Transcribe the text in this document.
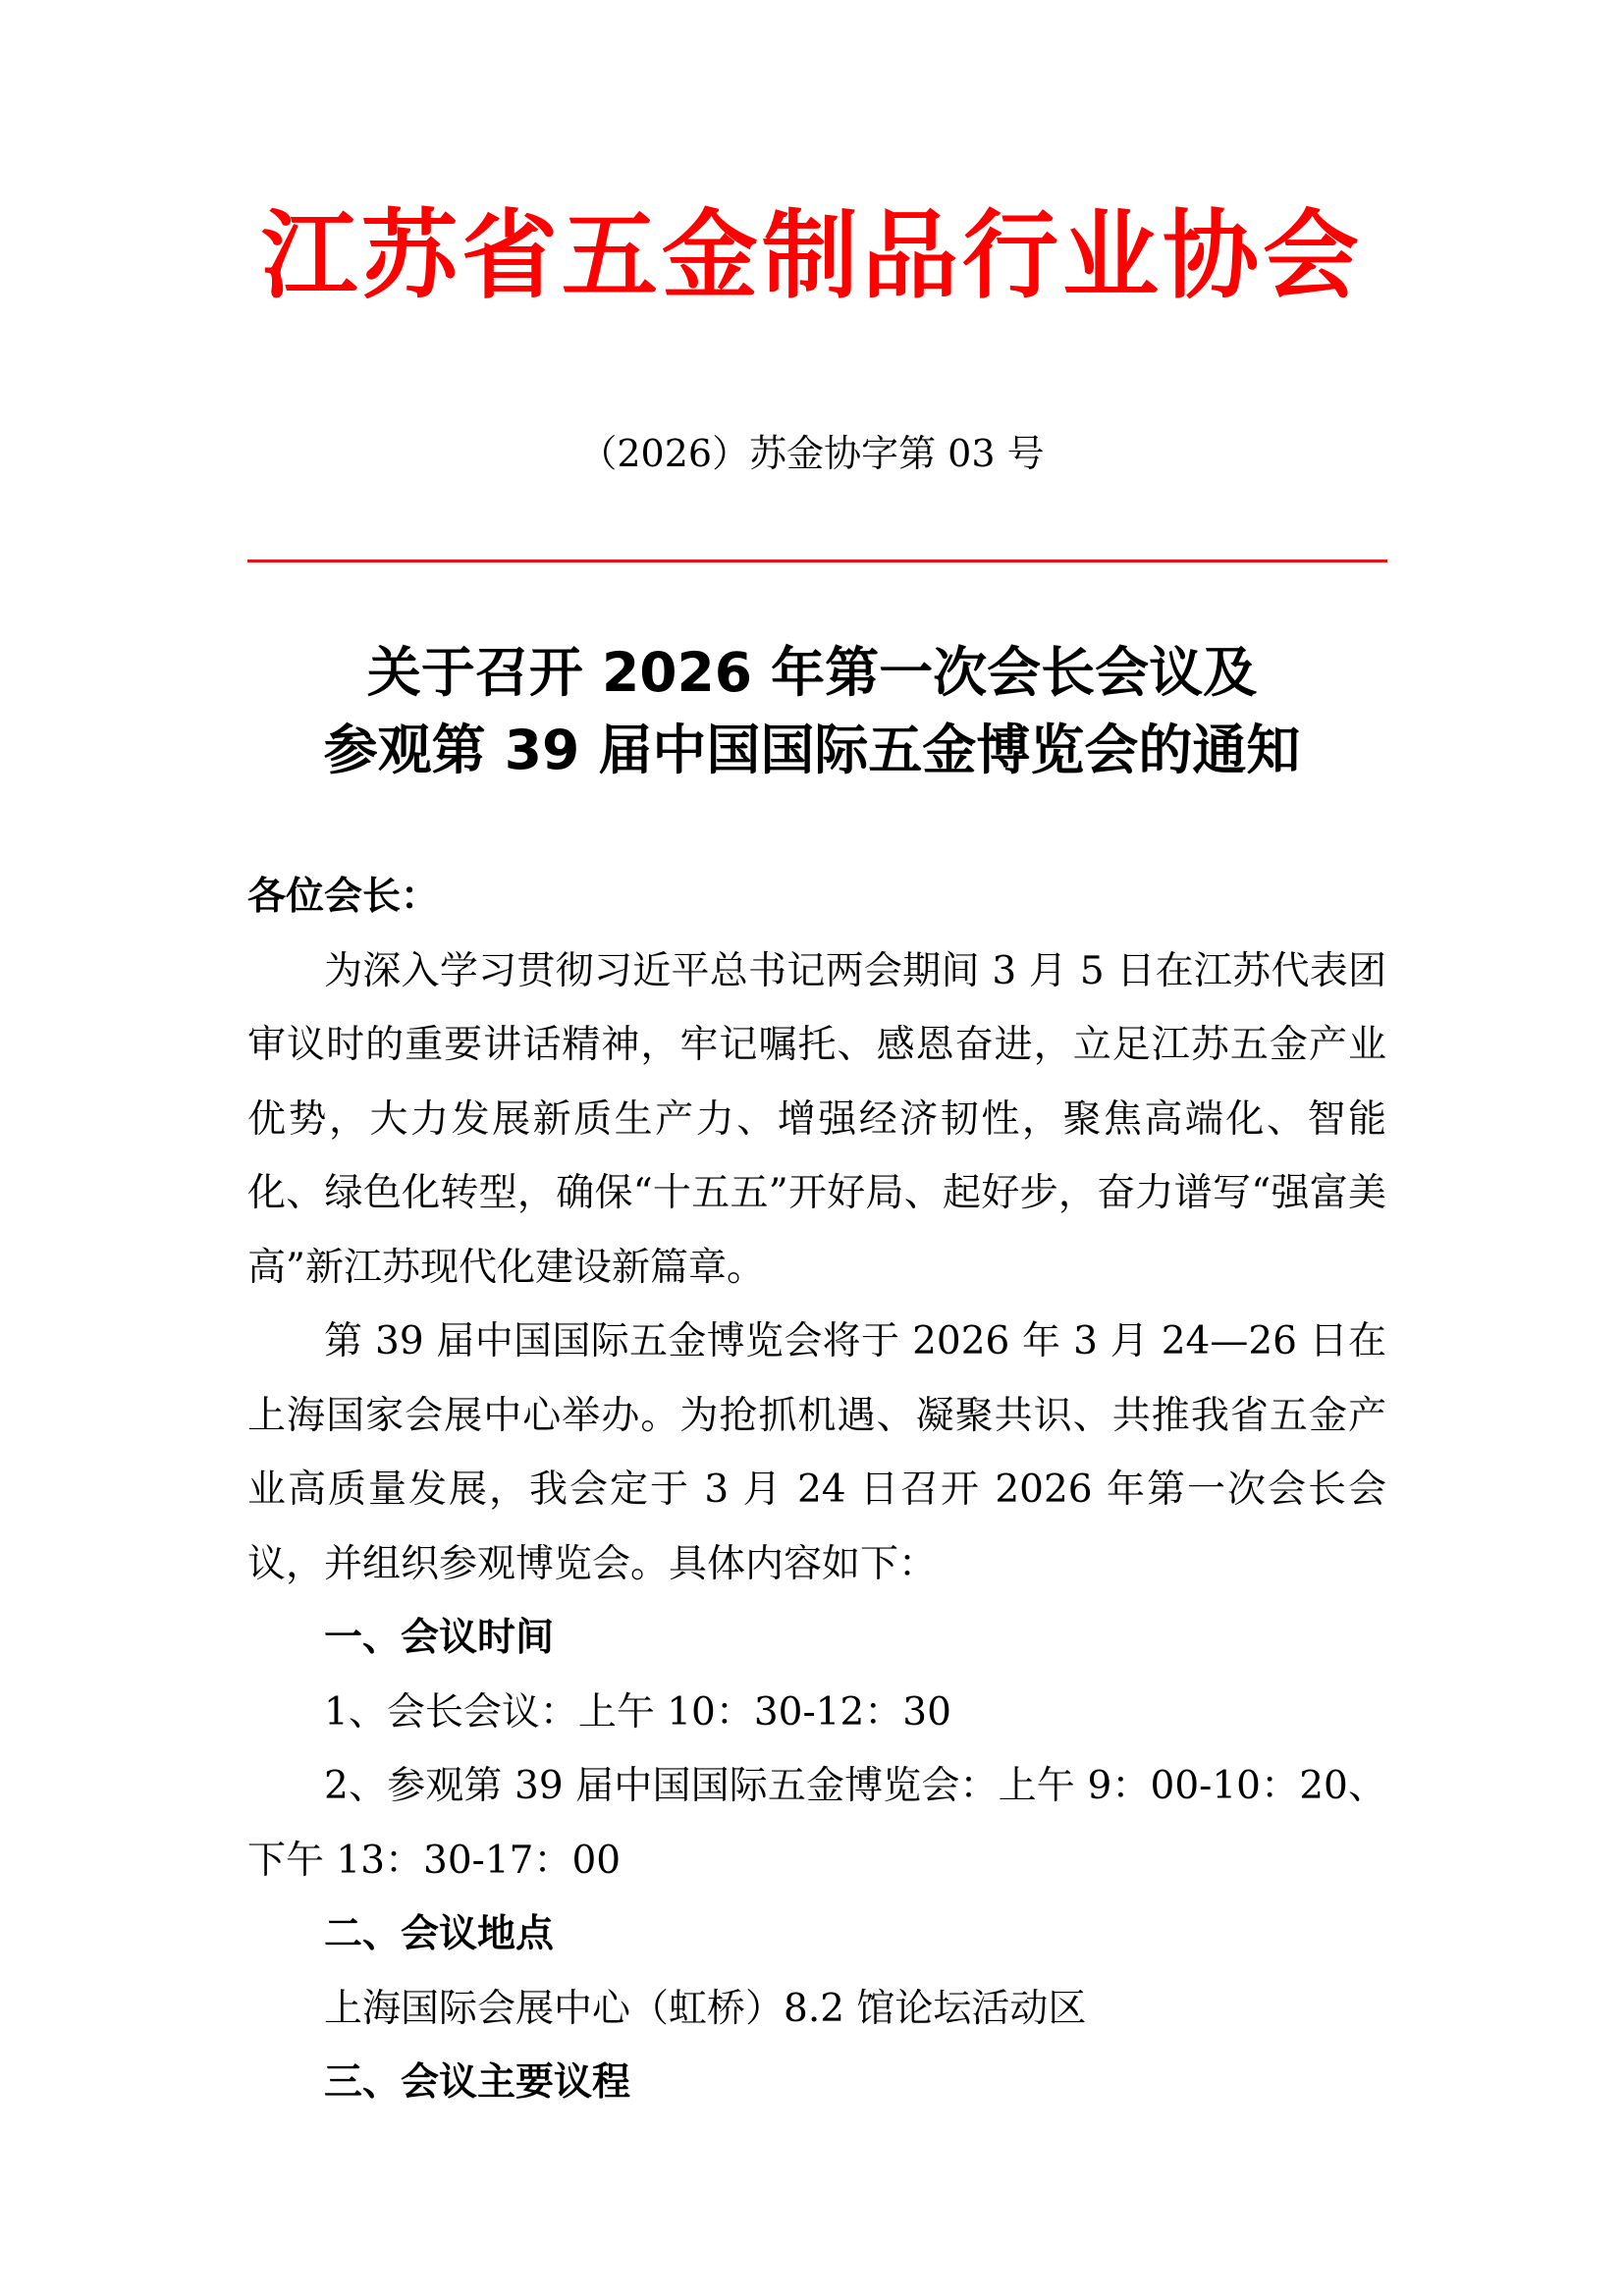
江苏省五金制品行业协会
（2026）苏金协字第 03 号
关于召开 2026 年第一次会长会议及
参观第 39 届中国国际五金博览会的通知

各位会长：

为深入学习贯彻习近平总书记两会期间 3 月 5 日在江苏代表团审议时的重要讲话精神，牢记嘱托、感恩奋进，立足江苏五金产业优势，大力发展新质生产力、增强经济韧性，聚焦高端化、智能化、绿色化转型，确保“十五五”开好局、起好步，奋力谱写“强富美高”新江苏现代化建设新篇章。

第 39 届中国国际五金博览会将于 2026 年 3 月 24—26 日在上海国家会展中心举办。为抢抓机遇、凝聚共识、共推我省五金产业高质量发展，我会定于 3 月 24 日召开 2026 年第一次会长会议，并组织参观博览会。具体内容如下：

一、会议时间

1、会长会议：上午 10：30-12：30

2、参观第 39 届中国国际五金博览会：上午 9：00-10：20、下午 13：30-17：00

二、会议地点

上海国际会展中心（虹桥）8.2 馆论坛活动区

三、会议主要议程
